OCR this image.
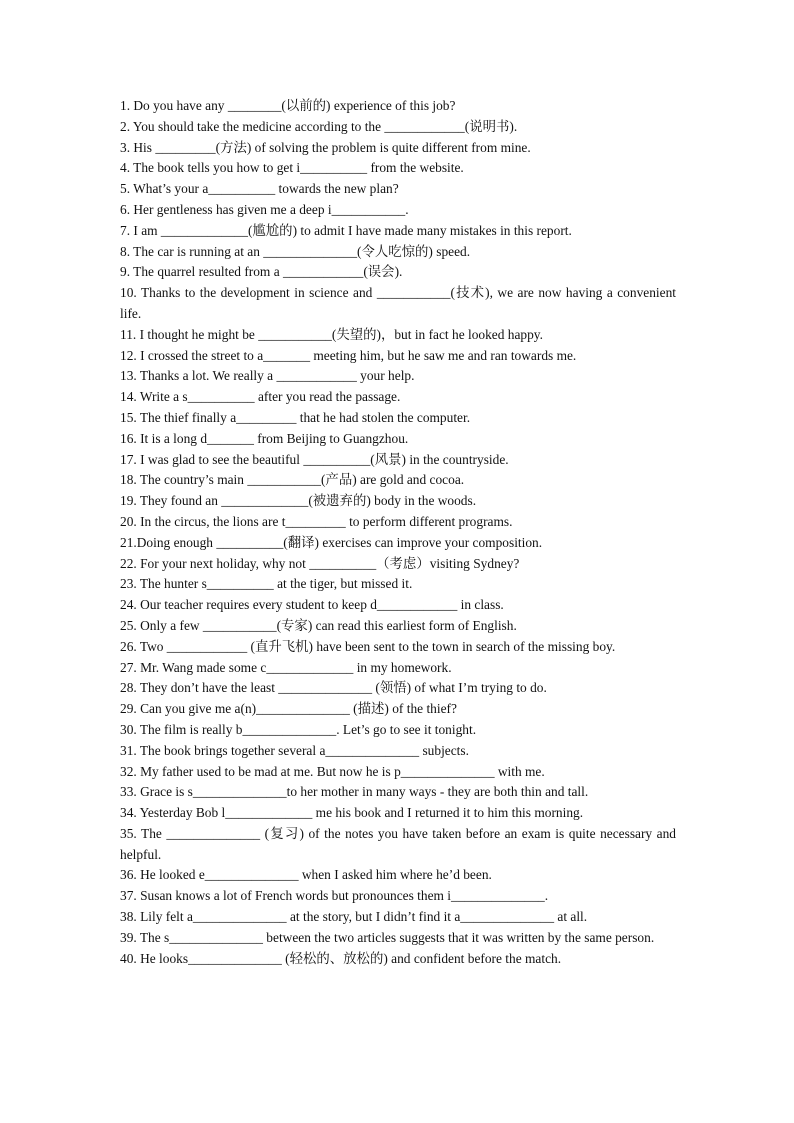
1. Do you have any ________(以前的) experience of this job?
2. You should take the medicine according to the ____________(说明书).
3. His _________(方法) of solving the problem is quite different from mine.
4. The book tells you how to get i__________ from the website.
5. What’s your a__________ towards the new plan?
6. Her gentleness has given me a deep i___________.
7. I am _____________(尴尬的) to admit I have made many mistakes in this report.
8. The car is running at an ______________(令人吃惊的) speed.
9. The quarrel resulted from a ____________(误会).
10. Thanks to the development in science and ___________(技术), we are now having a convenient life.
11. I thought he might be ___________(失望的)，but in fact he looked happy.
12. I crossed the street to a_______ meeting him, but he saw me and ran towards me.
13. Thanks a lot. We really a ____________ your help.
14. Write a s__________ after you read the passage.
15. The thief finally a_________ that he had stolen the computer.
16. It is a long d_______ from Beijing to Guangzhou.
17. I was glad to see the beautiful __________(风景) in the countryside.
18. The country’s main ___________(产品) are gold and cocoa.
19. They found an _____________(被遗弃的) body in the woods.
20. In the circus, the lions are t_________ to perform different programs.
21.Doing enough __________(翻译) exercises can improve your composition.
22. For your next holiday, why not __________（考虑）visiting Sydney?
23. The hunter s__________ at the tiger, but missed it.
24. Our teacher requires every student to keep d____________ in class.
25. Only a few ___________(专家) can read this earliest form of English.
26. Two ____________ (直升飞机) have been sent to the town in search of the missing boy.
27. Mr. Wang made some c_____________ in my homework.
28. They don’t have the least ______________ (领悟) of what I’m trying to do.
29. Can you give me a(n)______________ (描述) of the thief?
30. The film is really b______________. Let’s go to see it tonight.
31. The book brings together several a______________ subjects.
32. My father used to be mad at me. But now he is p______________ with me.
33. Grace is s______________to her mother in many ways - they are both thin and tall.
34. Yesterday Bob l_____________ me his book and I returned it to him this morning.
35. The ______________ (复习) of the notes you have taken before an exam is quite necessary and helpful.
36. He looked e______________ when I asked him where he’d been.
37. Susan knows a lot of French words but pronounces them i______________.
38. Lily felt a______________ at the story, but I didn’t find it a______________ at all.
39. The s______________ between the two articles suggests that it was written by the same person.
40. He looks______________ (轻松的、放松的) and confident before the match.
